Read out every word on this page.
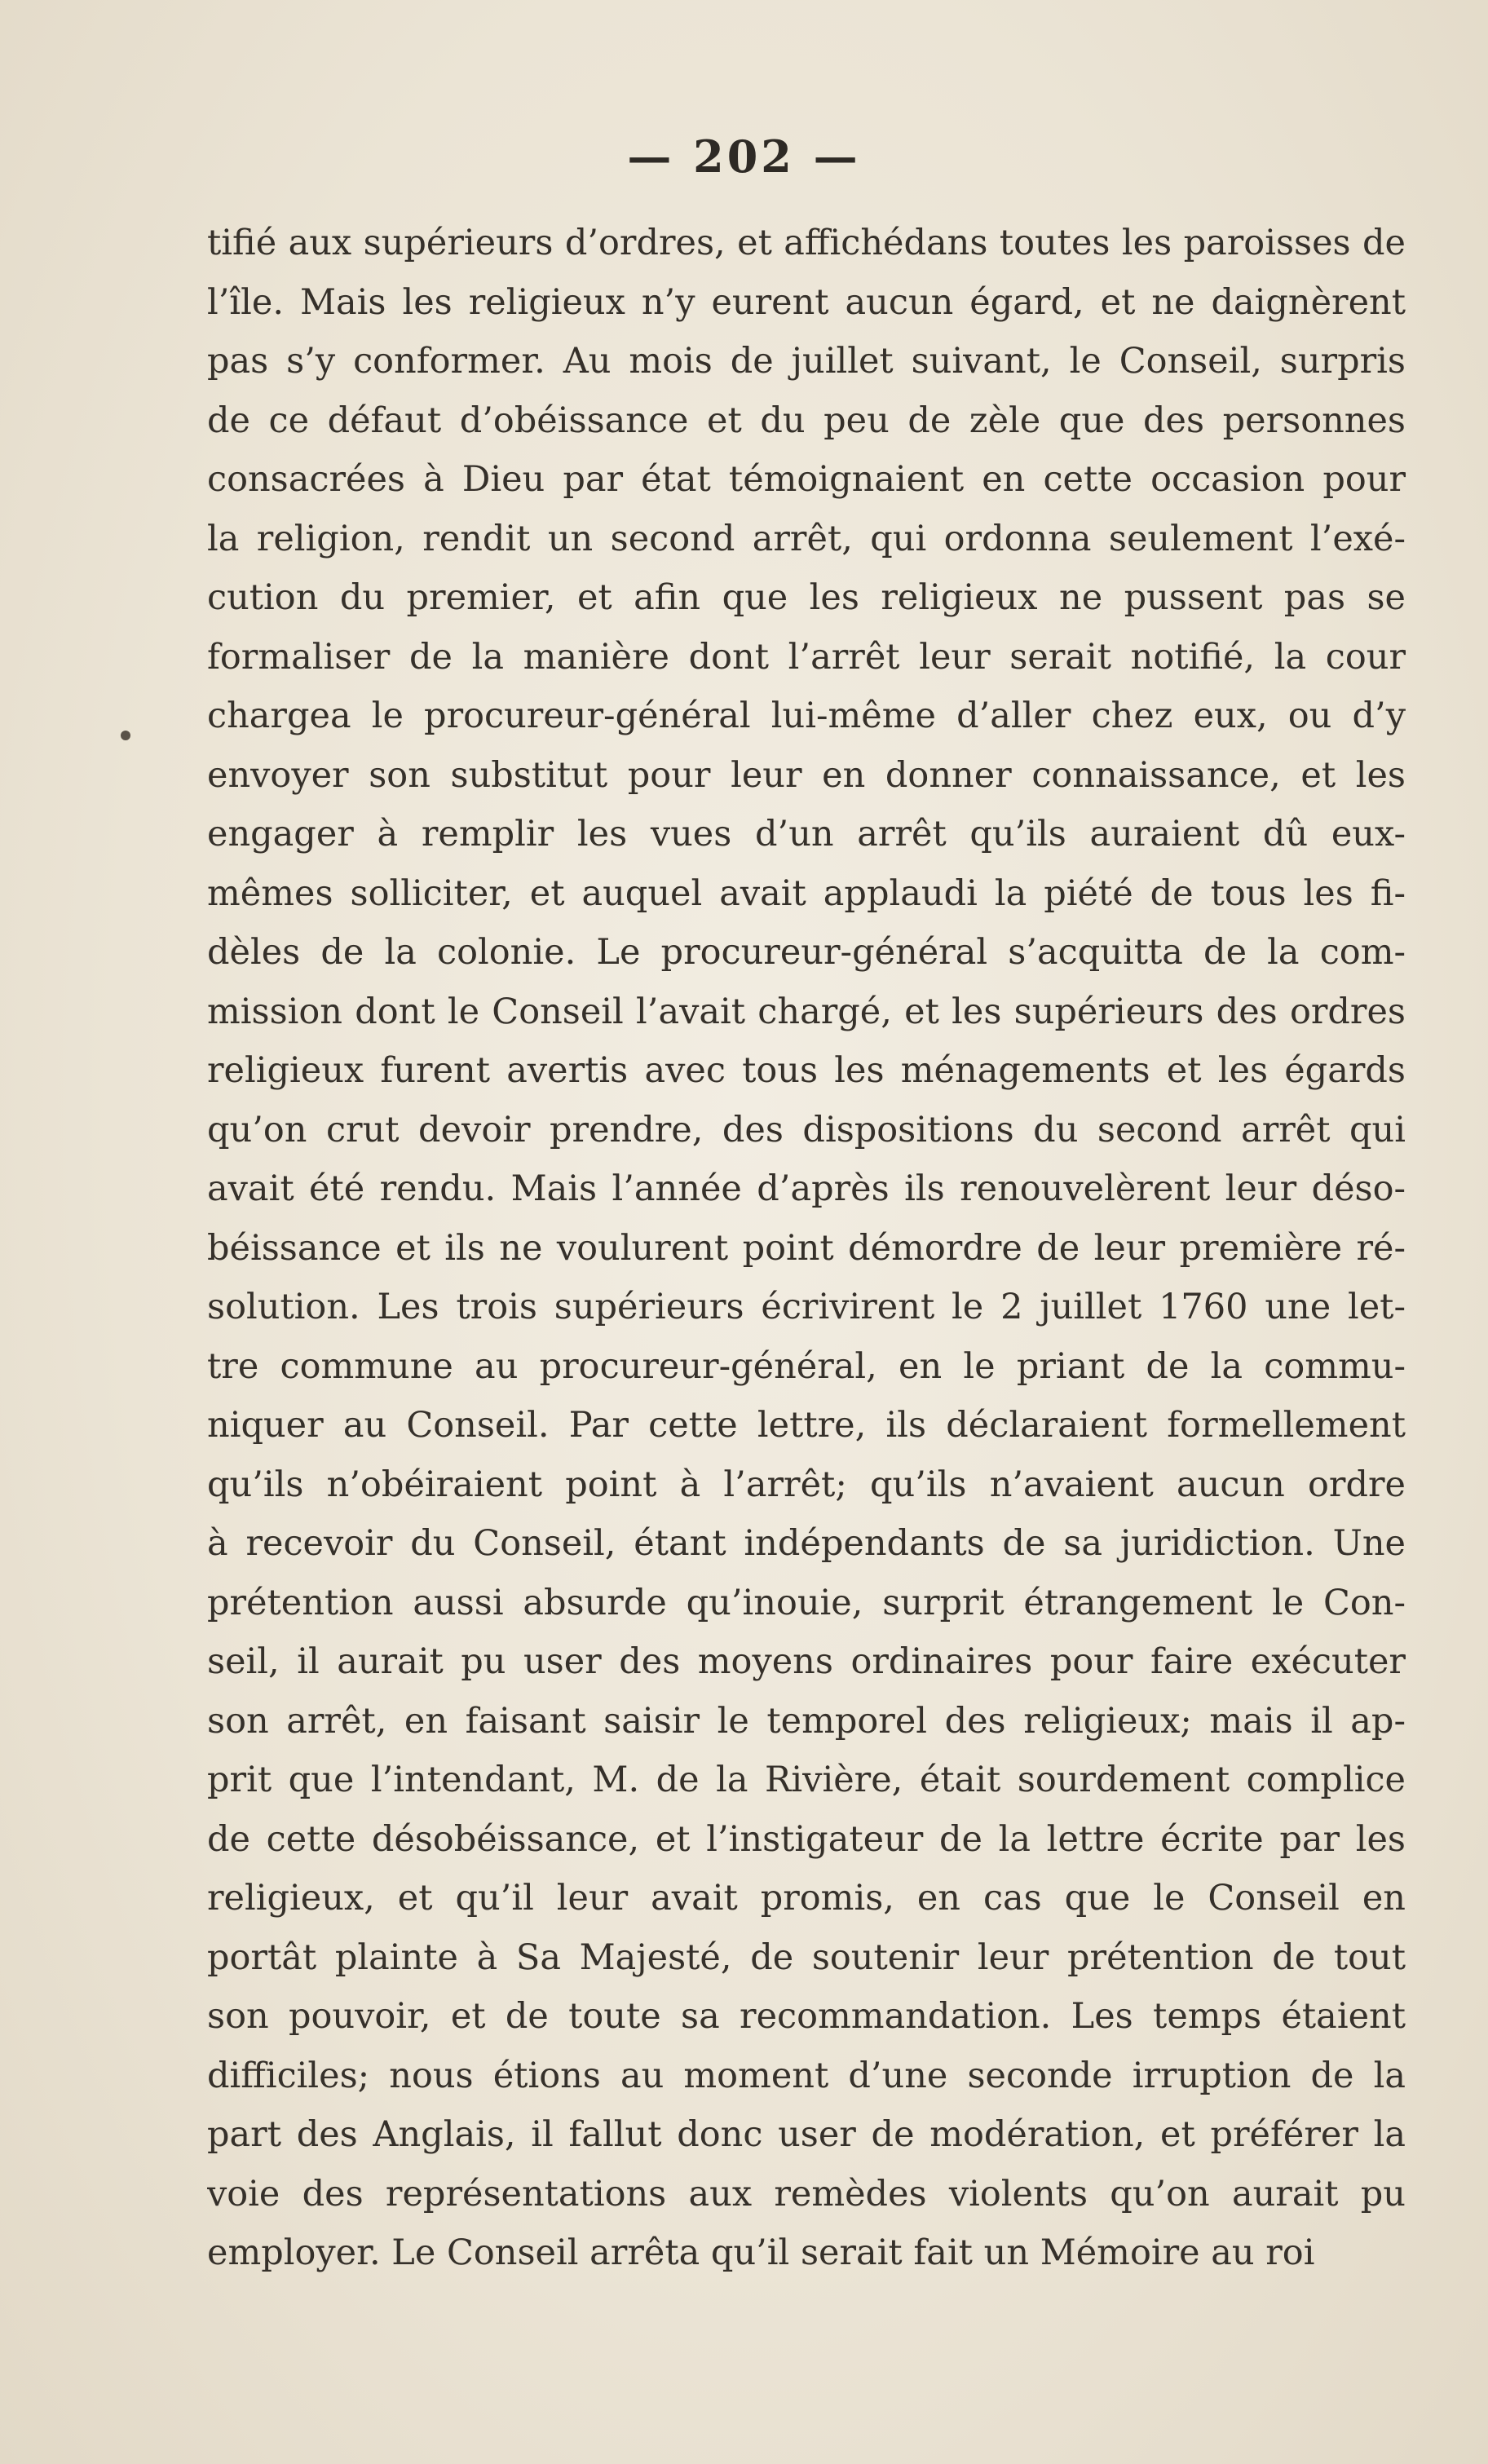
— 202 —
tifié aux supérieurs d’ordres, et affichédans toutes les paroisses de
l’île. Mais les religieux n’y eurent aucun égard, et ne daignèrent
pas s’y conformer. Au mois de juillet suivant, le Conseil, surpris
de ce défaut d’obéissance et du peu de zèle que des personnes
consacrées à Dieu par état témoignaient en cette occasion pour
la religion, rendit un second arrêt, qui ordonna seulement l’exé-
cution du premier, et afin que les religieux ne pussent pas se
formaliser de la manière dont l’arrêt leur serait notifié, la cour
chargea le procureur-général lui-même d’aller chez eux, ou d’y
envoyer son substitut pour leur en donner connaissance, et les
engager à remplir les vues d’un arrêt qu’ils auraient dû eux-
mêmes solliciter, et auquel avait applaudi la piété de tous les fi-
dèles de la colonie. Le procureur-général s’acquitta de la com-
mission dont le Conseil l’avait chargé, et les supérieurs des ordres
religieux furent avertis avec tous les ménagements et les égards
qu’on crut devoir prendre, des dispositions du second arrêt qui
avait été rendu. Mais l’année d’après ils renouvelèrent leur déso-
béissance et ils ne voulurent point démordre de leur première ré-
solution. Les trois supérieurs écrivirent le 2 juillet 1760 une let-
tre commune au procureur-général, en le priant de la commu-
niquer au Conseil. Par cette lettre, ils déclaraient formellement
qu’ils n’obéiraient point à l’arrêt; qu’ils n’avaient aucun ordre
à recevoir du Conseil, étant indépendants de sa juridiction. Une
prétention aussi absurde qu’inouie, surprit étrangement le Con-
seil, il aurait pu user des moyens ordinaires pour faire exécuter
son arrêt, en faisant saisir le temporel des religieux; mais il ap-
prit que l’intendant, M. de la Rivière, était sourdement complice
de cette désobéissance, et l’instigateur de la lettre écrite par les
religieux, et qu’il leur avait promis, en cas que le Conseil en
portât plainte à Sa Majesté, de soutenir leur prétention de tout
son pouvoir, et de toute sa recommandation. Les temps étaient
difficiles; nous étions au moment d’une seconde irruption de la
part des Anglais, il fallut donc user de modération, et préférer la
voie des représentations aux remèdes violents qu’on aurait pu
employer. Le Conseil arrêta qu’il serait fait un Mémoire au roi
